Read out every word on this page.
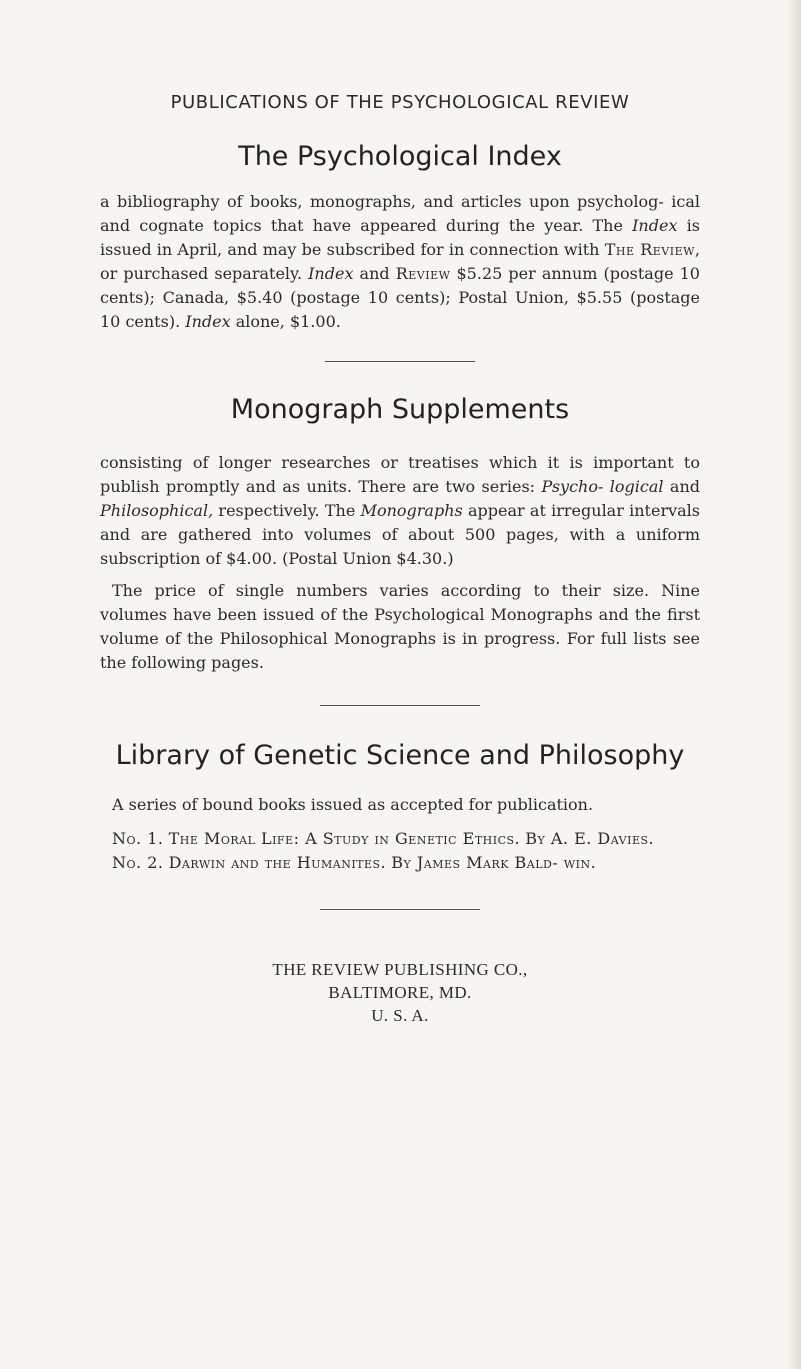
PUBLICATIONS OF THE PSYCHOLOGICAL REVIEW
The Psychological Index

a bibliography of books, monographs, and articles upon psycholog- ical and cognate topics that have appeared during the year. The Index is issued in April, and may be subscribed for in connection with The Review, or purchased separately. Index and Review $5.25 per annum (postage 10 cents); Canada, $5.40 (postage 10 cents); Postal Union, $5.55 (postage 10 cents). Index alone, $1.00.

Monograph Supplements

consisting of longer researches or treatises which it is important to publish promptly and as units. There are two series: Psycho- logical and Philosophical, respectively. The Monographs appear at irregular intervals and are gathered into volumes of about 500 pages, with a uniform subscription of $4.00. (Postal Union $4.30.)

The price of single numbers varies according to their size. Nine volumes have been issued of the Psychological Monographs and the first volume of the Philosophical Monographs is in progress. For full lists see the following pages.

Library of Genetic Science and Philosophy

A series of bound books issued as accepted for publication.

No. 1. The Moral Life: A Study in Genetic Ethics. By A. E. Davies.

No. 2. Darwin and the Humanites. By James Mark Bald- win.

THE REVIEW PUBLISHING CO.,
BALTIMORE, MD.
U. S. A.
